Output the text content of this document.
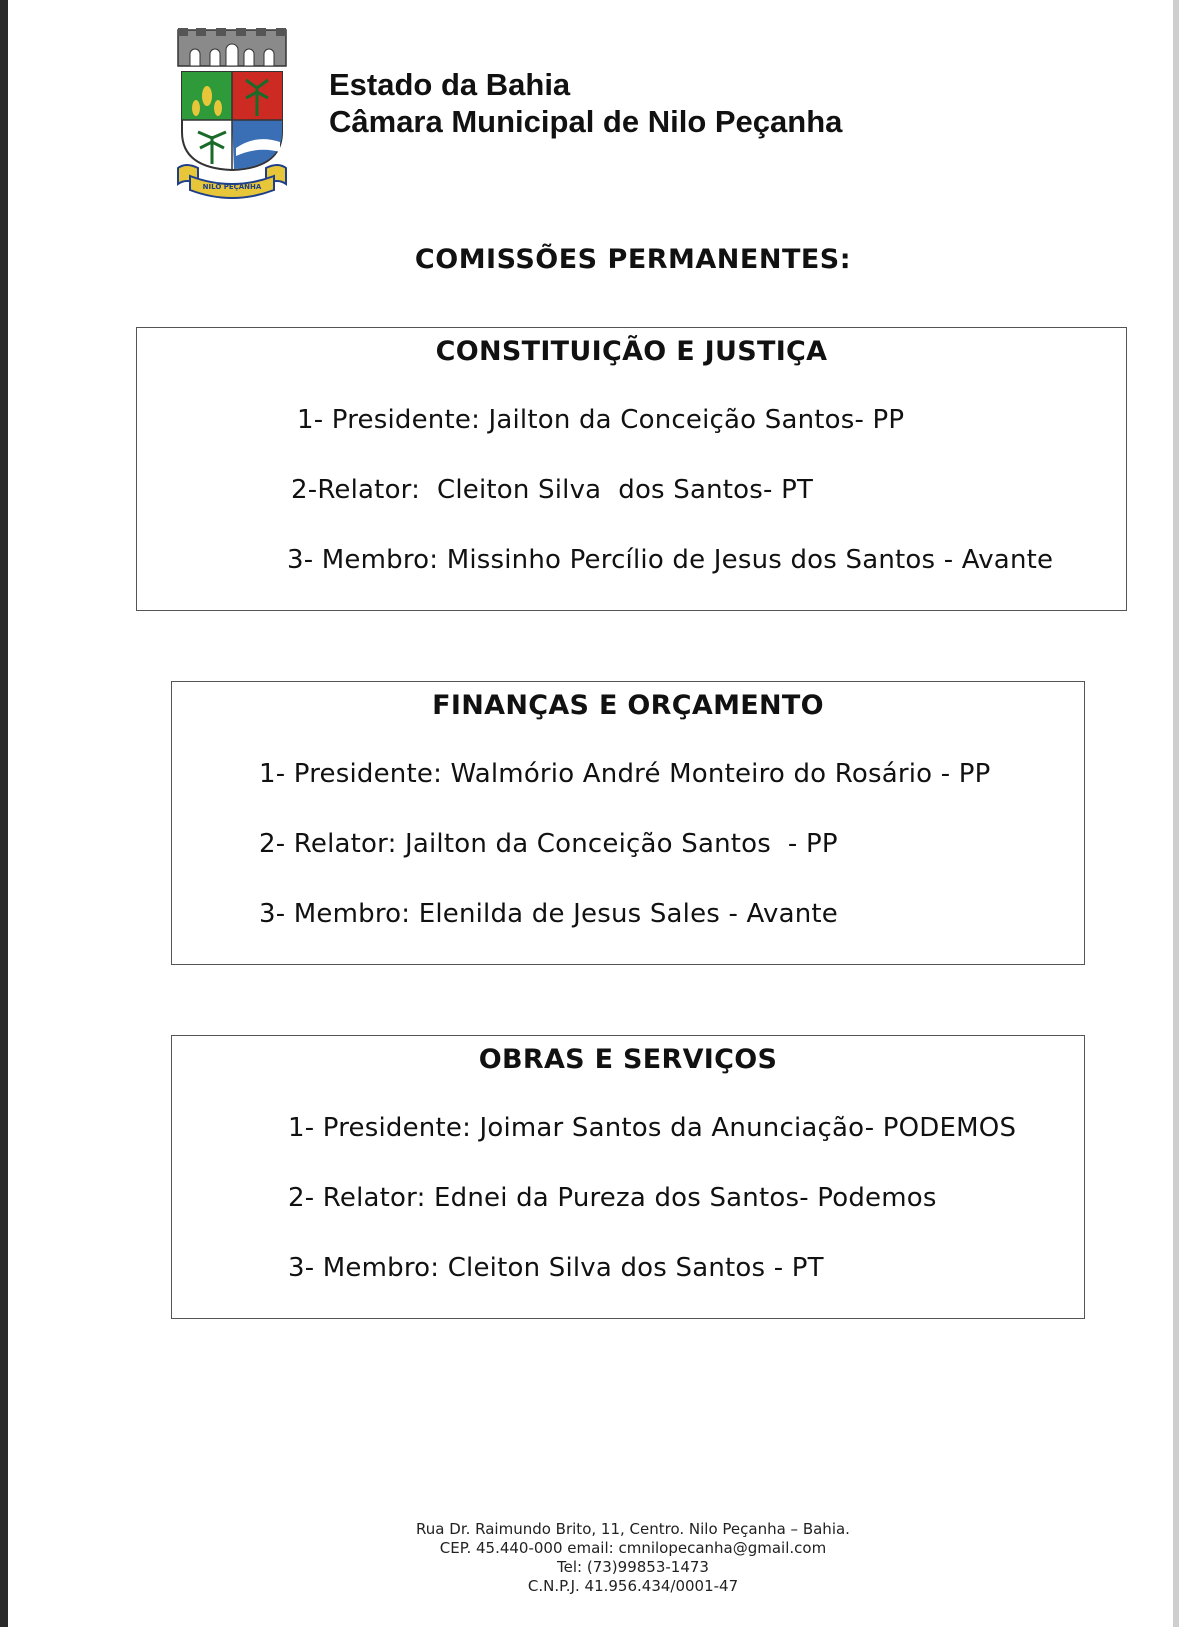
NILO PEÇANHA
Estado da Bahia
Câmara Municipal de Nilo Peçanha
COMISSÕES PERMANENTES:
CONSTITUIÇÃO E JUSTIÇA
1- Presidente: Jailton da Conceição Santos- PP
2-Relator:  Cleiton Silva  dos Santos- PT
3- Membro: Missinho Percílio de Jesus dos Santos - Avante
FINANÇAS E ORÇAMENTO
1- Presidente: Walmório André Monteiro do Rosário - PP
2- Relator: Jailton da Conceição Santos  - PP
3- Membro: Elenilda de Jesus Sales - Avante
OBRAS E SERVIÇOS
1- Presidente: Joimar Santos da Anunciação- PODEMOS
2- Relator: Ednei da Pureza dos Santos- Podemos
3- Membro: Cleiton Silva dos Santos - PT
Rua Dr. Raimundo Brito, 11, Centro. Nilo Peçanha – Bahia.
CEP. 45.440-000 email: cmnilopecanha@gmail.com
Tel: (73)99853-1473
C.N.P.J. 41.956.434/0001-47
